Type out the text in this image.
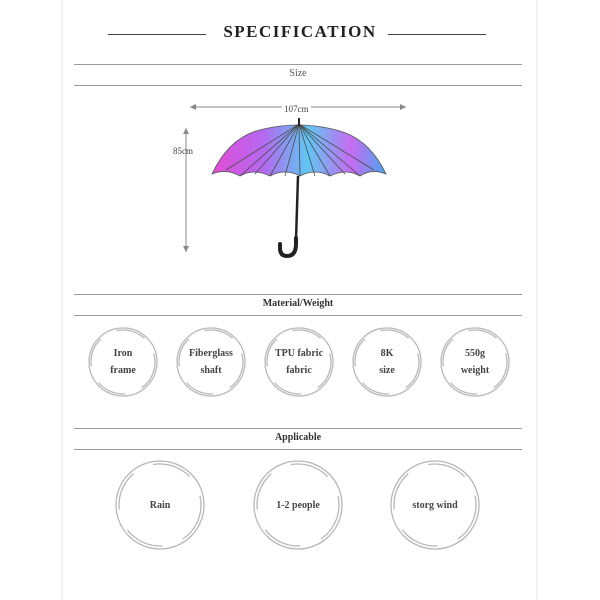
SPECIFICATION
Size
107cm
85cm
Material/Weight
Iron
frame
Fiberglass
shaft
TPU fabric
fabric
8K
size
550g
weight
Applicable
Rain	1-2 people	storg wind
